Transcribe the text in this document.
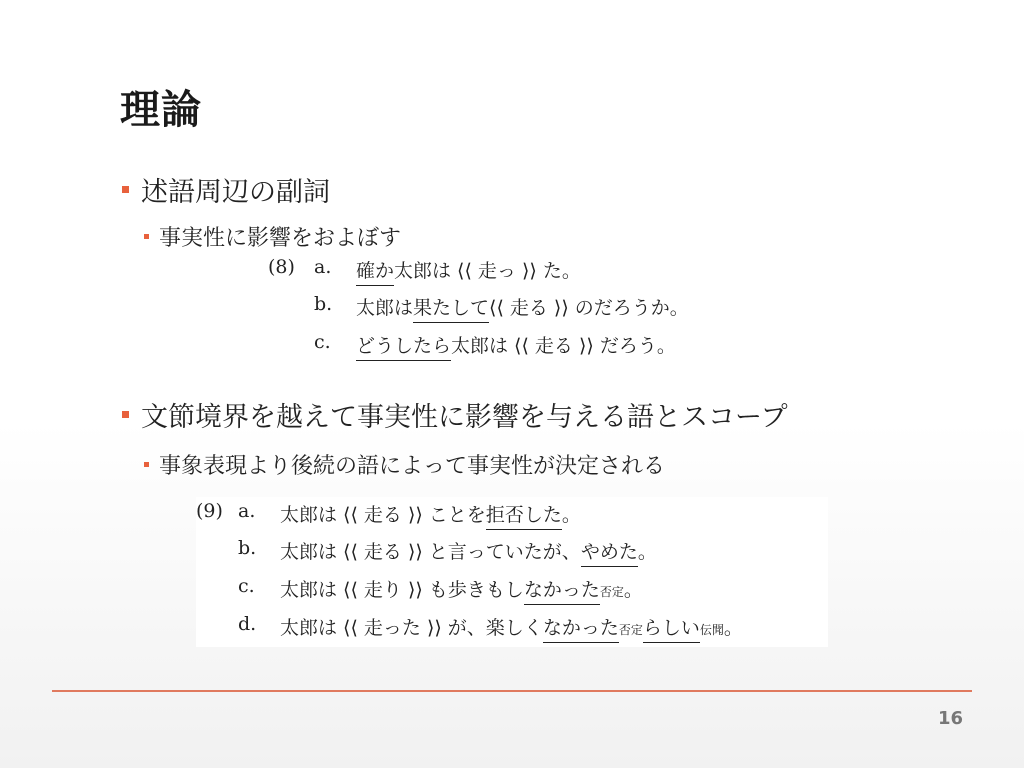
理論
述語周辺の副詞
事実性に影響をおよぼす
(8) a. 確か 太郎は ⟨⟨ 走っ ⟩⟩ た。
b. 太郎は 果たして ⟨⟨ 走る ⟩⟩ のだろうか。
c. どうしたら 太郎は ⟨⟨ 走る ⟩⟩ だろう。
文節境界を越えて事実性に影響を与える語とスコープ
事象表現より後続の語によって事実性が決定される
(9) a. 太郎は ⟨⟨ 走る ⟩⟩ ことを 拒否した 。
b. 太郎は ⟨⟨ 走る ⟩⟩ と言っていたが、 やめた 。
c. 太郎は ⟨⟨ 走り ⟩⟩ も歩きもし なかった 否定 。
d. 太郎は ⟨⟨ 走った ⟩⟩ が、楽しく なかった 否定 らしい 伝聞 。
16
